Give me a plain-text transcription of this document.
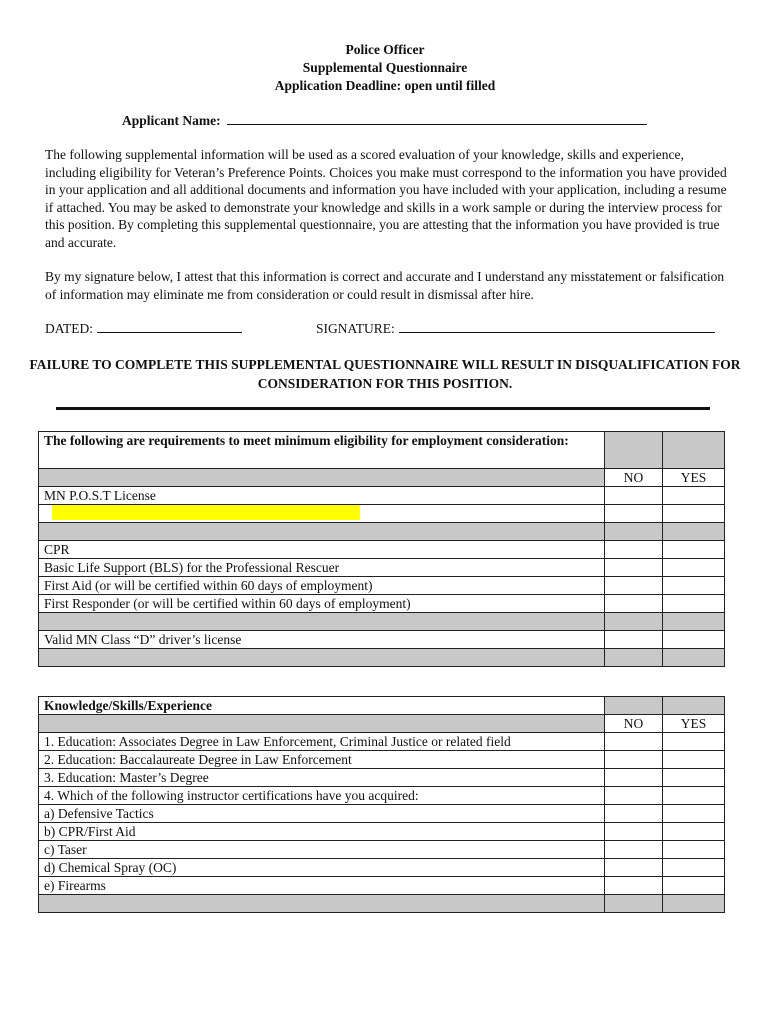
Police Officer
Supplemental Questionnaire
Application Deadline: open until filled
Applicant Name:

The following supplemental information will be used as a scored evaluation of your knowledge, skills and experience, including eligibility for Veteran’s Preference Points. Choices you make must correspond to the information you have provided in your application and all additional documents and information you have included with your application, including a resume if attached. You may be asked to demonstrate your knowledge and skills in a work sample or during the interview process for this position. By completing this supplemental questionnaire, you are attesting that the information you have provided is true and accurate.

By my signature below, I attest that this information is correct and accurate and I understand any misstatement or falsification of information may eliminate me from consideration or could result in dismissal after hire.

DATED:	SIGNATURE:
FAILURE TO COMPLETE THIS SUPPLEMENTAL QUESTIONNAIRE WILL RESULT IN DISQUALIFICATION FOR CONSIDERATION FOR THIS POSITION.
The following are requirements to meet minimum eligibility for employment consideration:		
	NO	YES
MN P.O.S.T License		

CPR		
Basic Life Support (BLS) for the Professional Rescuer		
First Aid (or will be certified within 60 days of employment)		
First Responder (or will be certified within 60 days of employment)		

Valid MN Class “D” driver’s license		

Knowledge/Skills/Experience		
	NO	YES
1. Education: Associates Degree in Law Enforcement, Criminal Justice or related field		
2. Education: Baccalaureate Degree in Law Enforcement		
3. Education: Master’s Degree		
4. Which of the following instructor certifications have you acquired:		
a) Defensive Tactics		
b) CPR/First Aid		
c) Taser		
d) Chemical Spray (OC)		
e) Firearms		
